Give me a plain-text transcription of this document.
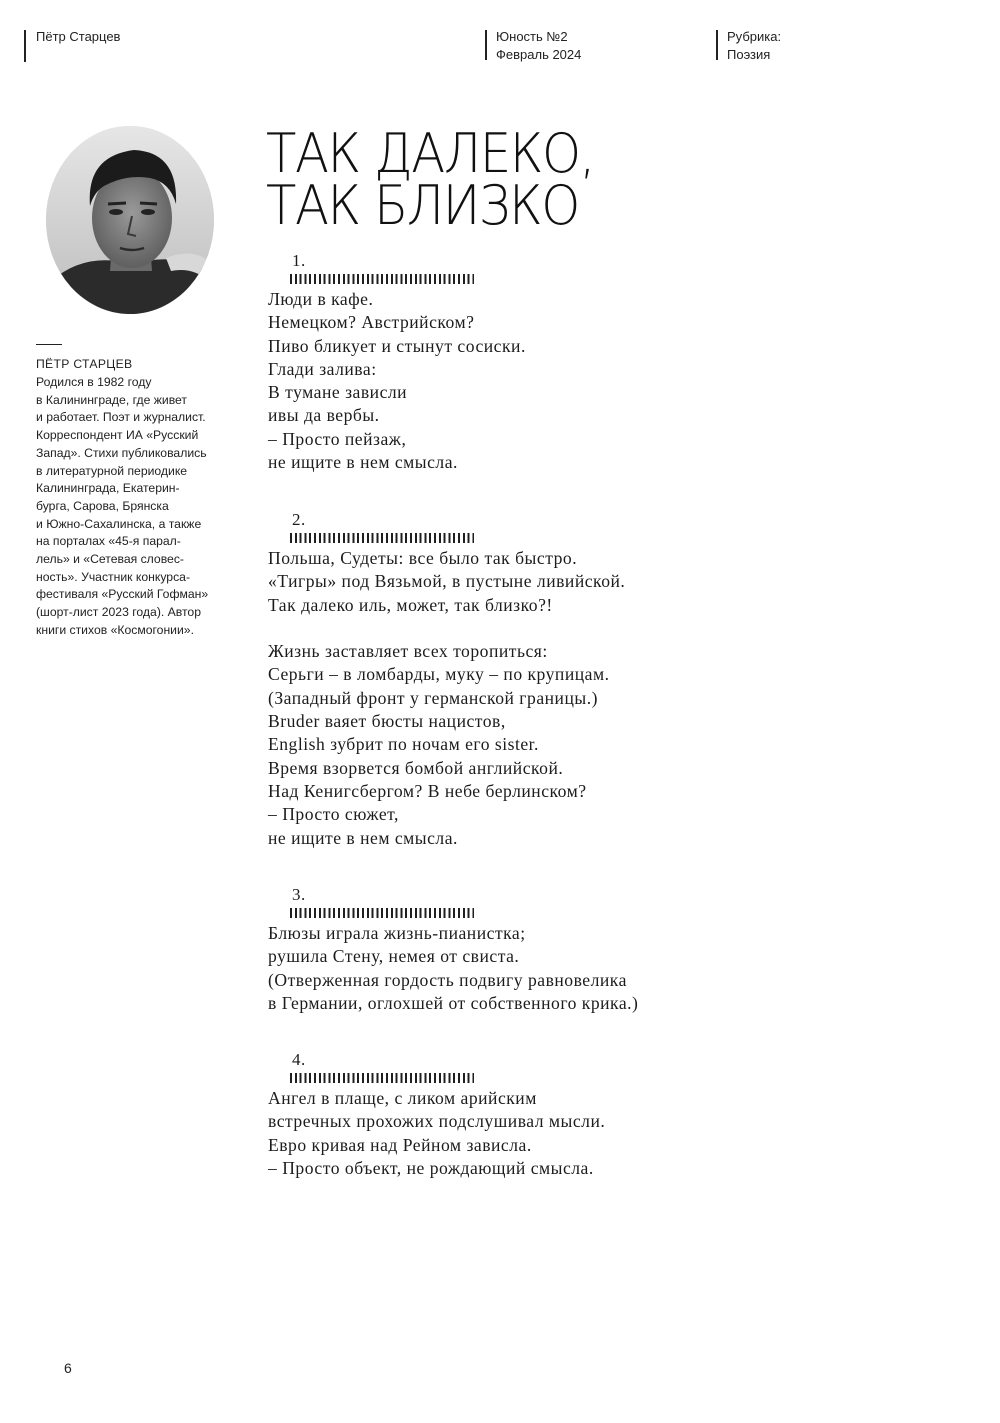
Пётр Старцев	Юность №2
Февраль 2024
Рубрика:
Поэзия
ПЁТР СТАРЦЕВ
Родился в 1982 году
в Калининграде, где живет
и работает. Поэт и журналист.
Корреспондент ИА «Русский
Запад». Стихи публиковались
в литературной периодике
Калининграда, Екатерин-
бурга, Сарова, Брянска
и Южно-Сахалинска, а также
на порталах «45-я парал-
лель» и «Сетевая словес-
ность». Участник конкурса-
фестиваля «Русский Гофман»
(шорт-лист 2023 года). Автор
книги стихов «Космогонии».
ТАК ДАЛЕКО,
ТАК БЛИЗКО
1.
Люди в кафе.
Немецком? Австрийском?
Пиво бликует и стынут сосиски.
Глади залива:
В тумане зависли
ивы да вербы.
– Просто пейзаж,
не ищите в нем смысла.
2.
Польша, Судеты: все было так быстро.
«Тигры» под Вязьмой, в пустыне ливийской.
Так далеко иль, может, так близко?!
Жизнь заставляет всех торопиться:
Серьги – в ломбарды, муку – по крупицам.
(Западный фронт у германской границы.)
Bruder ваяет бюсты нацистов,
English зубрит по ночам его sister.
Время взорвется бомбой английской.
Над Кенигсбергом? В небе берлинском?
– Просто сюжет,
не ищите в нем смысла.
3.
Блюзы играла жизнь-пианистка;
рушила Стену, немея от свиста.
(Отверженная гордость подвигу равновелика
в Германии, оглохшей от собственного крика.)
4.
Ангел в плаще, с ликом арийским
встречных прохожих подслушивал мысли.
Евро кривая над Рейном зависла.
– Просто объект, не рождающий смысла.
6
